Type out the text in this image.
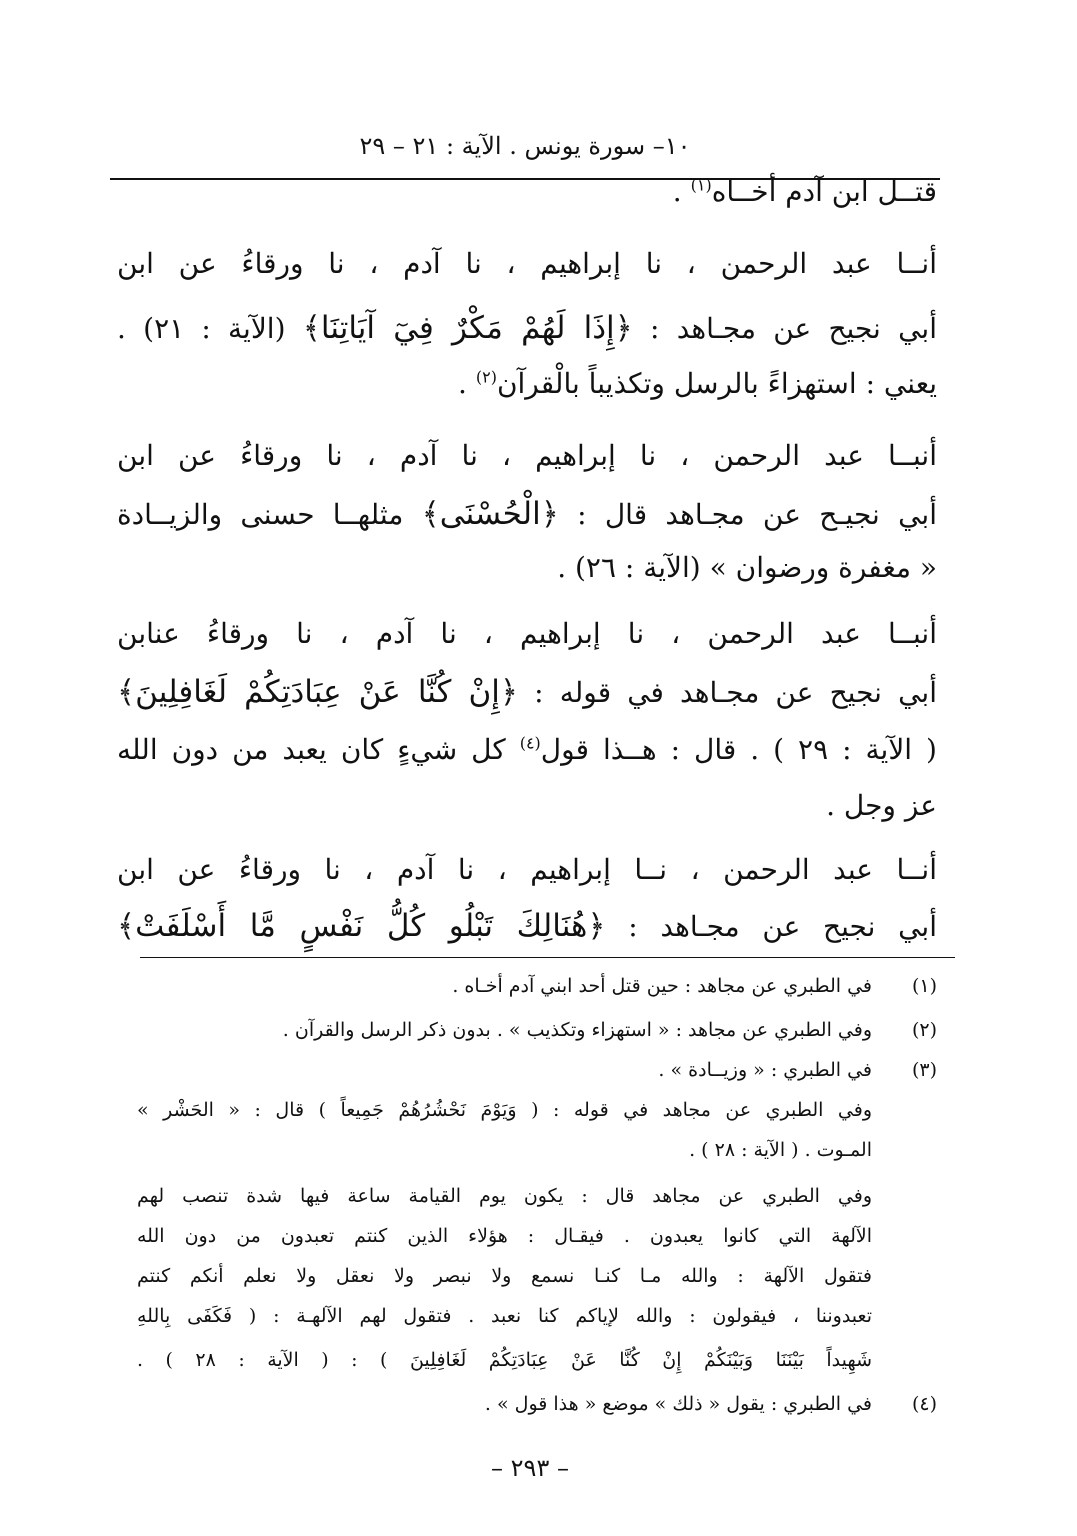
١٠– سورة يونس . الآية : ٢١ – ٢٩
قتــل ابن آدم أخــاه$^{(١)}$ .
أنــا عبد الرحمن ، نا إبراهيم ، نا آدم ، نا ورقاءُ عن ابن
أبي نجيح عن مجـاهد : ﴿إِذَا لَهُمْ مَكْرٌ فِيٓ آيَاتِنَا﴾ (الآية : ٢١) .
يعني : استهزاءً بالرسل وتكذيباً بالْقرآن$^{(٢)}$ .
أنبــا عبد الرحمن ، نا إبراهيم ، نا آدم ، نا ورقاءُ عن ابن
أبي نجيـح عن مجـاهد قال : ﴿الْحُسْنَى﴾ مثلهــا حسنى والزيــادة
« مغفرة ورضوان » (الآية : ٢٦) .
أنبــا عبد الرحمن ، نا إبراهيم ، نا آدم ، نا ورقاءُ عنابن
أبي نجيح عن مجـاهد في قوله : ﴿إِنْ كُنَّا عَنْ عِبَادَتِكُمْ لَغَافِلِينَ﴾
( الآية : ٢٩ ) . قال : هــذا قول$^{(٤)}$ كل شيءٍ كان يعبد من دون الله
عز وجل .
أنــا عبد الرحمن ، نــا إبراهيم ، نا آدم ، نا ورقاءُ عن ابن
أبي نجيح عن مجـاهد : ﴿هُنَالِكَ تَبْلُو كُلُّ نَفْسٍ مَّا أَسْلَفَتْ﴾
(١)في الطبري عن مجاهد : حين قتل أحد ابني آدم أخـاه .
(٢)وفي الطبري عن مجاهد : « استهزاء وتكذيب » . بدون ذكر الرسل والقرآن .
(٣)في الطبري : « وزيــادة » .
وفي الطبري عن مجاهد في قوله : ( وَيَوْمَ نَحْشُرُهُمْ جَمِيعاً ) قال : « الحَشْر »
المـوت . ( الآية : ٢٨ ) .
وفي الطبري عن مجاهد قال : يكون يوم القيامة ساعة فيها شدة تنصب لهم
الآلهة التي كانوا يعبدون . فيقـال : هؤلاء الذين كنتم تعبدون من دون الله
فتقول الآلهة : والله مـا كنـا نسمع ولا نبصر ولا نعقل ولا نعلم أنكم كنتم
تعبدوننا ، فيقولون : والله لإياكم كنا نعبد . فتقول لهم الآلهـة : ( فَكَفَى بِاللهِ
شَهِيداً بَيْنَنَا وَبَيْنَكُمْ إِنْ كُنَّا عَنْ عِبَادَتِكُمْ لَغَافِلِينَ ) : ( الآية : ٢٨ ) .
(٤)في الطبري : يقول « ذلك » موضع « هذا قول » .
– ٢٩٣ –
